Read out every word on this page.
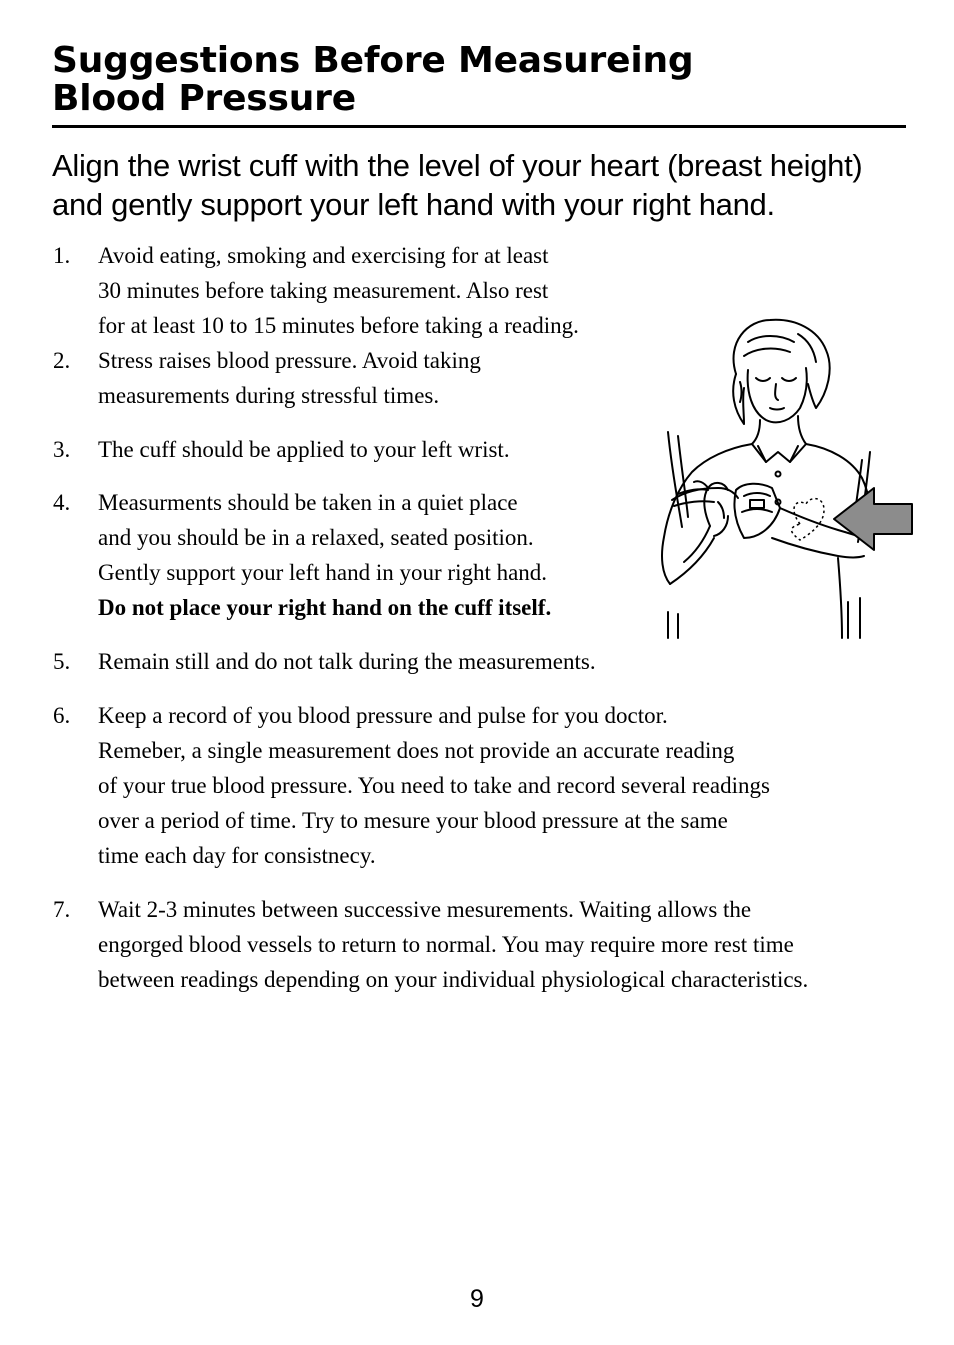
Suggestions Before Measureing
Blood Pressure
Align the wrist cuff with the level of your heart (breast height)
and gently support your left hand with your right hand.
1. Avoid eating, smoking and exercising for at least
30 minutes before taking measurement. Also rest
for at least 10 to 15 minutes before taking a reading.
2. Stress raises blood pressure. Avoid taking
measurements during stressful times.
3. The cuff should be applied to your left wrist.
4. Measurments should be taken in a quiet place
and you should be in a relaxed, seated position.
Gently support your left hand in your right hand.
Do not place your right hand on the cuff itself.
5. Remain still and do not talk during the measurements.
6. Keep a record of you blood pressure and pulse for you doctor.
Remeber, a single measurement does not provide an accurate reading
of your true blood pressure. You need to take and record several readings
over a period of time. Try to mesure your blood pressure at the same
time each day for consistnecy.
7. Wait 2-3 minutes between successive mesurements. Waiting allows the
engorged blood vessels to return to normal. You may require more rest time
between readings depending on your individual physiological characteristics.
9
